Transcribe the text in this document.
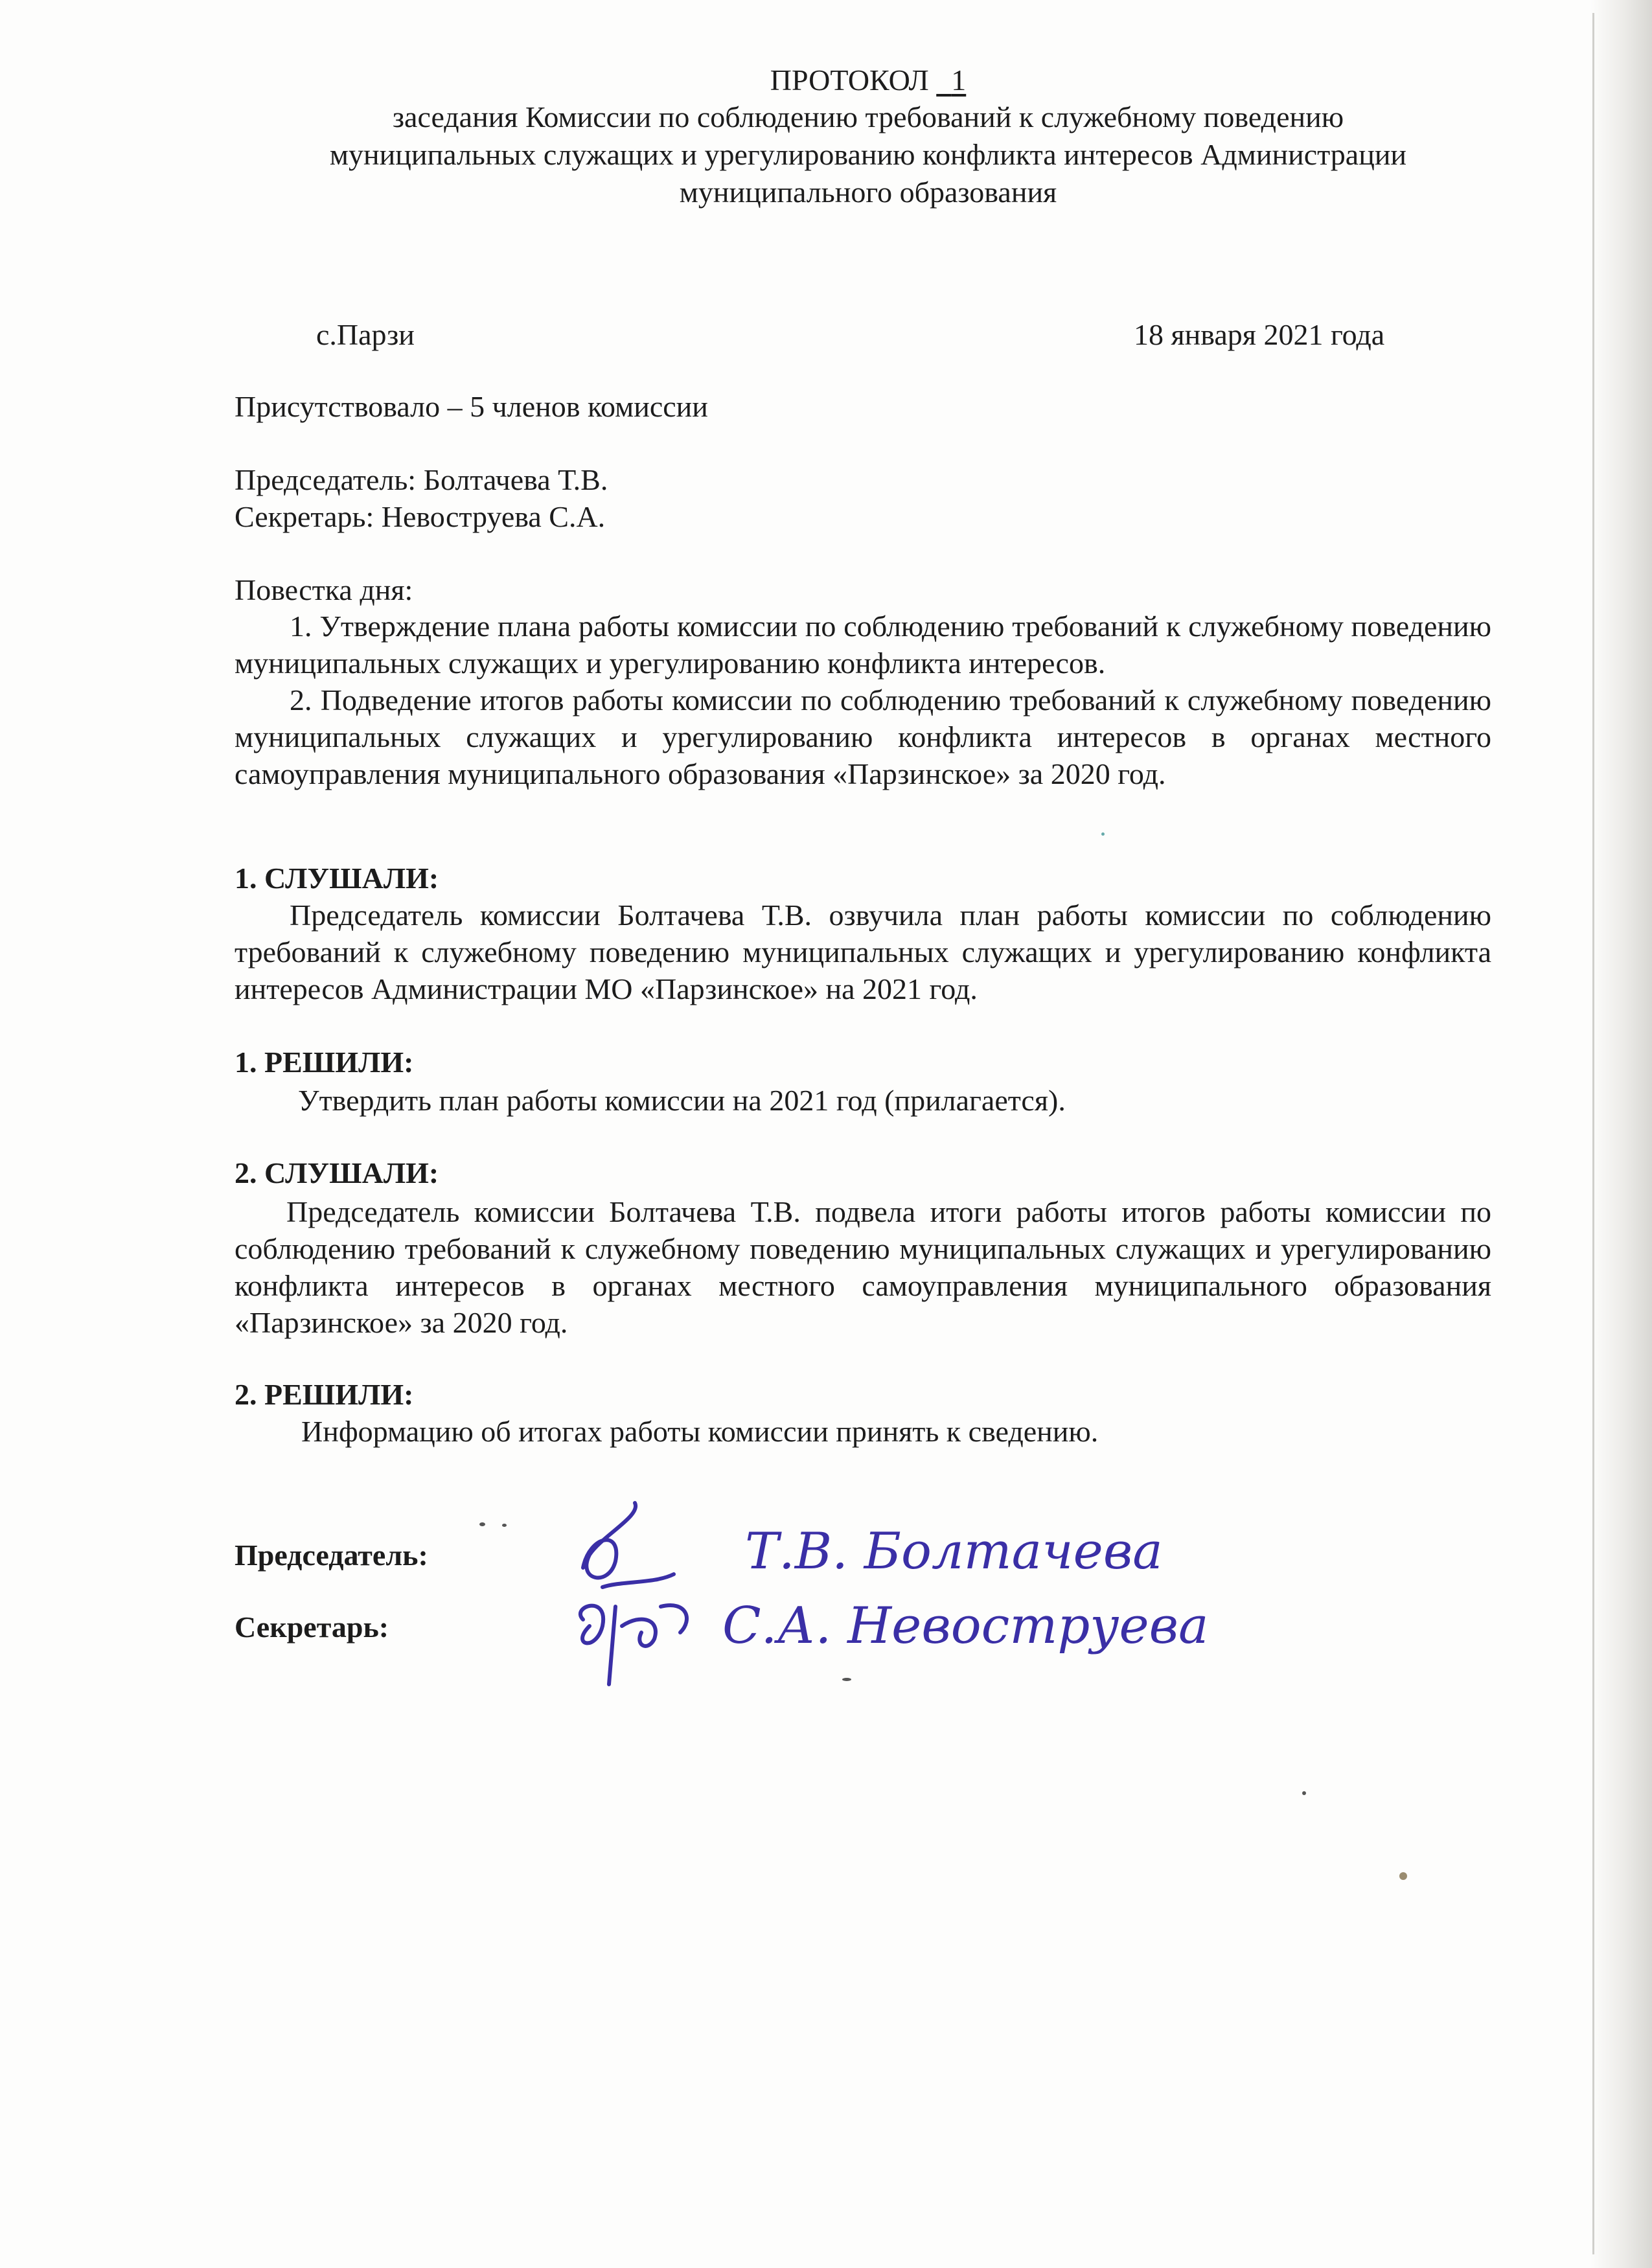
ПРОТОКОЛ 1
заседания Комиссии по соблюдению требований к служебному поведению
муниципальных служащих и урегулированию конфликта интересов Администрации
муниципального образования
с.Парзи	18 января 2021 года
Присутствовало – 5 членов комиссии
Председатель: Болтачева Т.В.
Секретарь: Невоструева С.А.
Повестка дня:
1. Утверждение плана работы комиссии по соблюдению требований к служебному поведению муниципальных служащих и урегулированию конфликта интересов.
2. Подведение итогов работы комиссии по соблюдению требований к служебному поведению муниципальных служащих и урегулированию конфликта интересов в органах местного самоуправления муниципального образования «Парзинское» за 2020 год.
1. СЛУШАЛИ:
Председатель комиссии Болтачева Т.В. озвучила план работы комиссии по соблюдению требований к служебному поведению муниципальных служащих и урегулированию конфликта интересов Администрации МО «Парзинское» на 2021 год.
1. РЕШИЛИ:
Утвердить план работы комиссии на 2021 год (прилагается).
2. СЛУШАЛИ:
Председатель комиссии Болтачева Т.В. подвела итоги работы итогов работы комиссии по соблюдению требований к служебному поведению муниципальных служащих и урегулированию конфликта интересов в органах местного самоуправления муниципального образования «Парзинское» за 2020 год.
2. РЕШИЛИ:
Информацию об итогах работы комиссии принять к сведению.
Председатель:
Секретарь:
Т.В. Болтачева
С.А. Невоструева
